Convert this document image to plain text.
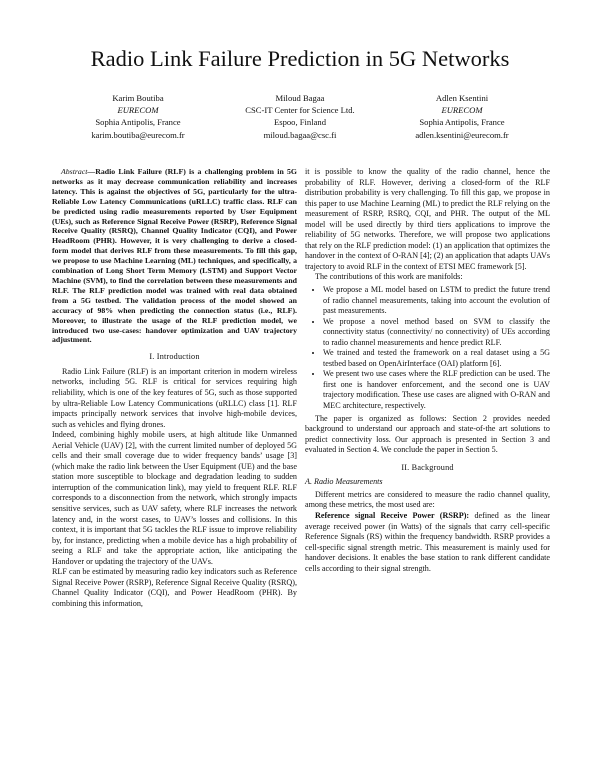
Radio Link Failure Prediction in 5G Networks
Karim Boutiba
EURECOM
Sophia Antipolis, France
karim.boutiba@eurecom.fr
Miloud Bagaa
CSC-IT Center for Science Ltd.
Espoo, Finland
miloud.bagaa@csc.fi
Adlen Ksentini
EURECOM
Sophia Antipolis, France
adlen.ksentini@eurecom.fr

Abstract—Radio Link Failure (RLF) is a challenging problem in 5G networks as it may decrease communication reliability and increases latency. This is against the objectives of 5G, particularly for the ultra-Reliable Low Latency Communications (uRLLC) traffic class. RLF can be predicted using radio measurements reported by User Equipment (UEs), such as Reference Signal Receive Power (RSRP), Reference Signal Receive Quality (RSRQ), Channel Quality Indicator (CQI), and Power HeadRoom (PHR). However, it is very challenging to derive a closed-form model that derives RLF from these measurements. To fill this gap, we propose to use Machine Learning (ML) techniques, and specifically, a combination of Long Short Term Memory (LSTM) and Support Vector Machine (SVM), to find the correlation between these measurements and RLF. The RLF prediction model was trained with real data obtained from a 5G testbed. The validation process of the model showed an accuracy of 98% when predicting the connection status (i.e., RLF). Moreover, to illustrate the usage of the RLF prediction model, we introduced two use-cases: handover optimization and UAV trajectory adjustment.

I. Introduction

Radio Link Failure (RLF) is an important criterion in modern wireless networks, including 5G. RLF is critical for services requiring high reliability, which is one of the key features of 5G, such as those supported by ultra-Reliable Low Latency Communications (uRLLC) class [1]. RLF impacts principally network services that involve high-mobile devices, such as vehicles and flying drones.

Indeed, combining highly mobile users, at high altitude like Unmanned Aerial Vehicle (UAV) [2], with the current limited number of deployed 5G cells and their small coverage due to wider frequency bands’ usage [3] (which make the radio link between the User Equipment (UE) and the base station more susceptible to blockage and degradation leading to sudden interruption of the communication link), may yield to frequent RLF. RLF corresponds to a disconnection from the network, which strongly impacts sensitive services, such as UAV safety, where RLF increases the network latency and, in the worst cases, to UAV’s losses and collisions. In this context, it is important that 5G tackles the RLF issue to improve reliability by, for instance, predicting when a mobile device has a high probability of seeing a RLF and take the appropriate action, like anticipating the Handover or updating the trajectory of the UAVs.

RLF can be estimated by measuring radio key indicators such as Reference Signal Receive Power (RSRP), Reference Signal Receive Quality (RSRQ), Channel Quality Indicator (CQI), and Power HeadRoom (PHR). By combining this information,

it is possible to know the quality of the radio channel, hence the probability of RLF. However, deriving a closed-form of the RLF distribution probability is very challenging. To fill this gap, we propose in this paper to use Machine Learning (ML) to predict the RLF relying on the measurement of RSRP, RSRQ, CQI, and PHR. The output of the ML model will be used directly by third tiers applications to improve the reliability of 5G networks. Therefore, we will propose two applications that rely on the RLF prediction model: (1) an application that optimizes the handover in the context of O-RAN [4]; (2) an application that adapts UAVs trajectory to avoid RLF in the context of ETSI MEC framework [5].

The contributions of this work are manifolds:

• We propose a ML model based on LSTM to predict the future trend of radio channel measurements, taking into account the evolution of past measurements.
• We propose a novel method based on SVM to classify the connectivity status (connectivity/ no connectivity) of UEs according to radio channel measurements and hence predict RLF.
• We trained and tested the framework on a real dataset using a 5G testbed based on OpenAirInterface (OAI) platform [6].
• We present two use cases where the RLF prediction can be used. The first one is handover enforcement, and the second one is UAV trajectory modification. These use cases are aligned with O-RAN and MEC architecture, respectively.

The paper is organized as follows: Section 2 provides needed background to understand our approach and state-of-the art solutions to predict connectivity loss. Our approach is presented in Section 3 and evaluated in Section 4. We conclude the paper in Section 5.

II. Background
A. Radio Measurements

Different metrics are considered to measure the radio channel quality, among these metrics, the most used are:

Reference signal Receive Power (RSRP): defined as the linear average received power (in Watts) of the signals that carry cell-specific Reference Signals (RS) within the frequency bandwidth. RSRP provides a cell-specific signal strength metric. This measurement is mainly used for handover decisions. It enables the base station to rank different candidate cells according to their signal strength.
